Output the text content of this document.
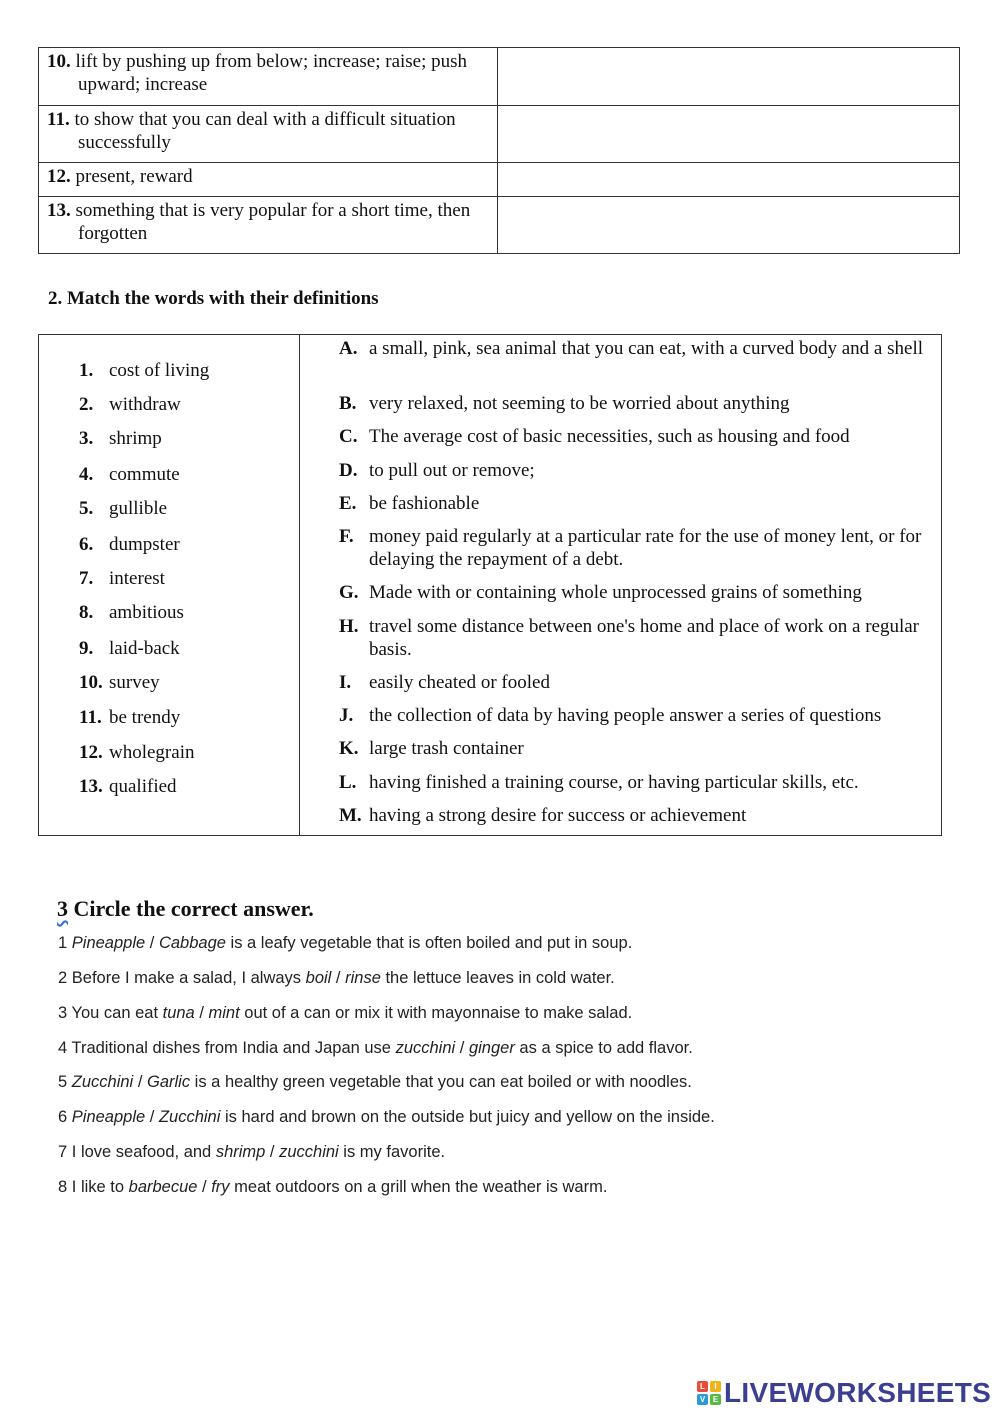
10. lift by pushing up from below; increase; raise; push upward; increase

11. to show that you can deal with a difficult situation successfully

12. present, reward

13. something that is very popular for a short time, then forgotten

2. Match the words with their definitions
1. cost of living
2. withdraw
3. shrimp
4. commute
5. gullible
6. dumpster
7. interest
8. ambitious
9. laid-back
10. survey
11. be trendy
12. wholegrain
13. qualified
A. a small, pink, sea animal that you can eat, with a curved body and a shell
B. very relaxed, not seeming to be worried about anything
C. The average cost of basic necessities, such as housing and food
D. to pull out or remove;
E. be fashionable
F. money paid regularly at a particular rate for the use of money lent, or for delaying the repayment of a debt.
G. Made with or containing whole unprocessed grains of something
H. travel some distance between one's home and place of work on a regular basis.
I. easily cheated or fooled
J. the collection of data by having people answer a series of questions
K. large trash container
L. having finished a training course, or having particular skills, etc.
M. having a strong desire for success or achievement
3 Circle the correct answer.
1 Pineapple / Cabbage is a leafy vegetable that is often boiled and put in soup.
2 Before I make a salad, I always boil / rinse the lettuce leaves in cold water.
3 You can eat tuna / mint out of a can or mix it with mayonnaise to make salad.
4 Traditional dishes from India and Japan use zucchini / ginger as a spice to add flavor.
5 Zucchini / Garlic is a healthy green vegetable that you can eat boiled or with noodles.
6 Pineapple / Zucchini is hard and brown on the outside but juicy and yellow on the inside.
7 I love seafood, and shrimp / zucchini is my favorite.
8 I like to barbecue / fry meat outdoors on a grill when the weather is warm.
L	I
V E LIVEWORKSHEETS
